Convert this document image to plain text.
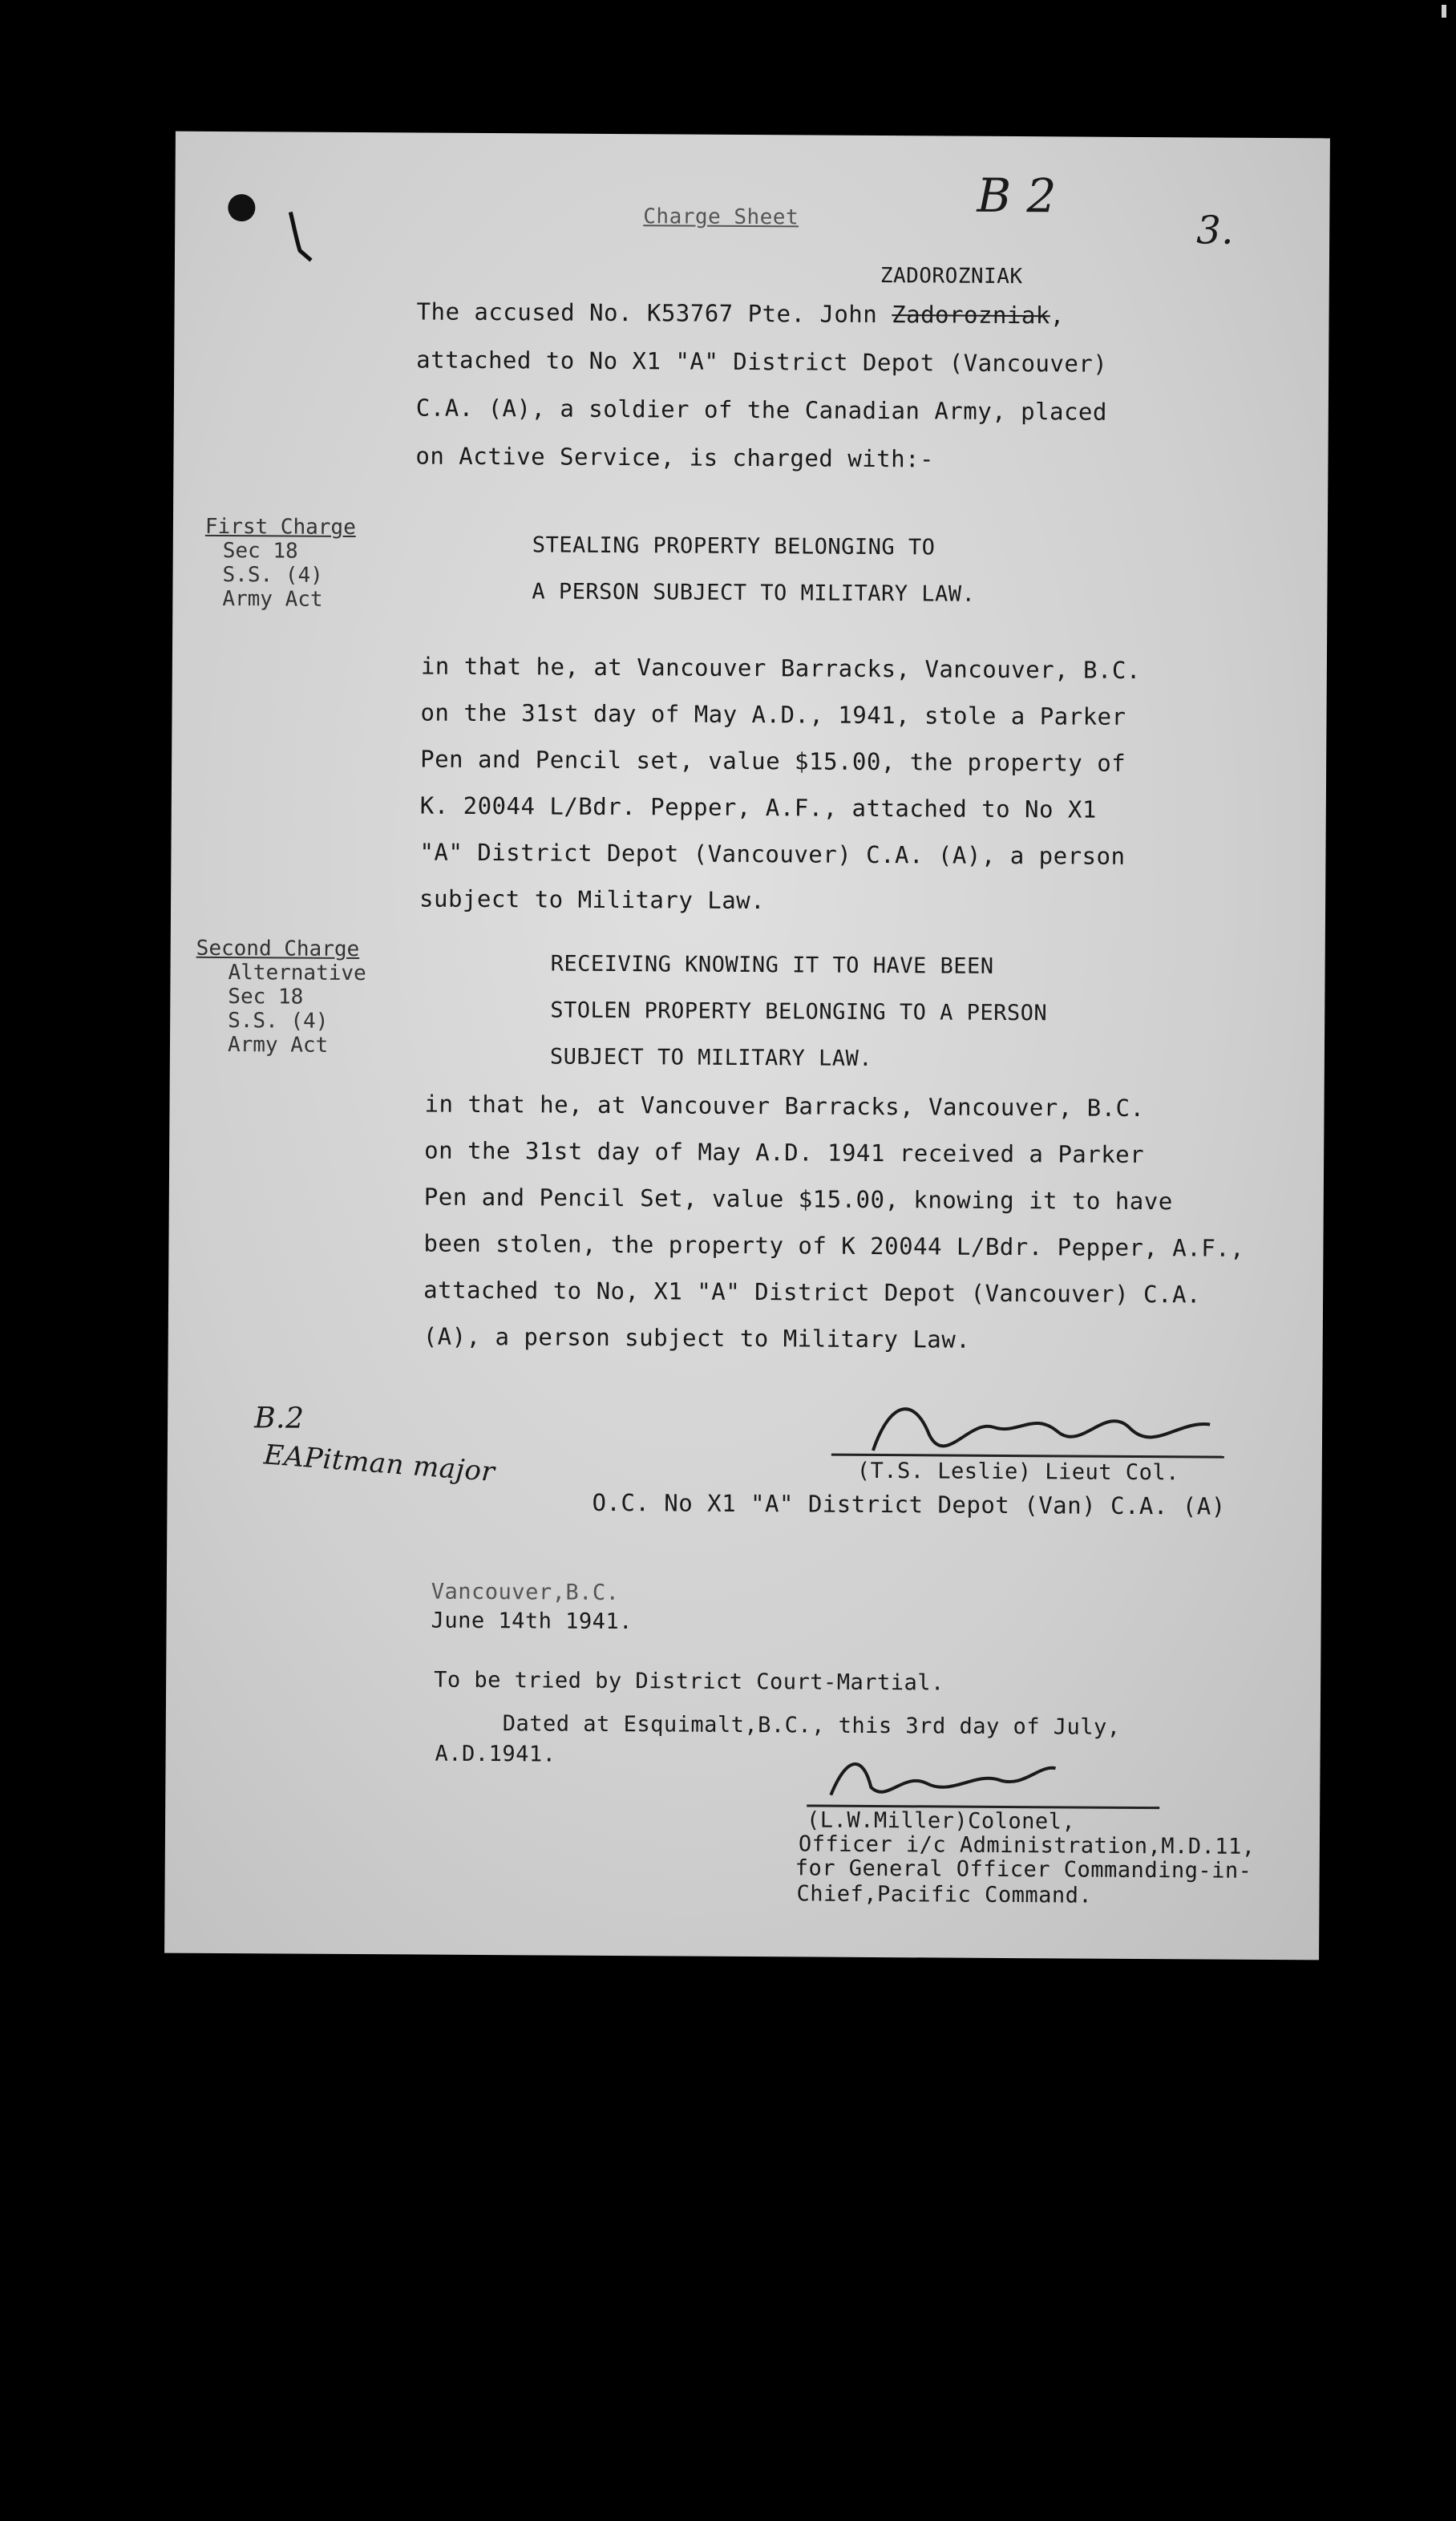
Charge Sheet	B 2
3.
ZADOROZNIAK
The accused No. K53767 Pte. John Zadorozniak,
attached to No X1 "A" District Depot (Vancouver)
C.A. (A), a soldier of the Canadian Army, placed
on Active Service, is charged with:-
First Charge
Sec 18
S.S. (4)
Army Act
STEALING PROPERTY BELONGING TO
A PERSON SUBJECT TO MILITARY LAW.
in that he, at Vancouver Barracks, Vancouver, B.C.
on the 31st day of May A.D., 1941, stole a Parker
Pen and Pencil set, value $15.00, the property of
K. 20044 L/Bdr. Pepper, A.F., attached to No X1
"A" District Depot (Vancouver) C.A. (A), a person
subject to Military Law.
Second Charge
Alternative
Sec 18
S.S. (4)
Army Act
RECEIVING KNOWING IT TO HAVE BEEN
STOLEN PROPERTY BELONGING TO A PERSON
SUBJECT TO MILITARY LAW.
in that he, at Vancouver Barracks, Vancouver, B.C.
on the 31st day of May A.D. 1941 received a Parker
Pen and Pencil Set, value $15.00, knowing it to have
been stolen, the property of K 20044 L/Bdr. Pepper, A.F.,
attached to No, X1 "A" District Depot (Vancouver) C.A.
(A), a person subject to Military Law.
B.2
EAPitman major	(T.S. Leslie) Lieut Col.
O.C. No X1 "A" District Depot (Van) C.A. (A)
Vancouver,B.C.
June 14th 1941.
To be tried by District Court-Martial.
Dated at Esquimalt,B.C., this 3rd day of July,
A.D.1941.
(L.W.Miller)Colonel,
Officer i/c Administration,M.D.11,
for General Officer Commanding-in-
Chief,Pacific Command.
